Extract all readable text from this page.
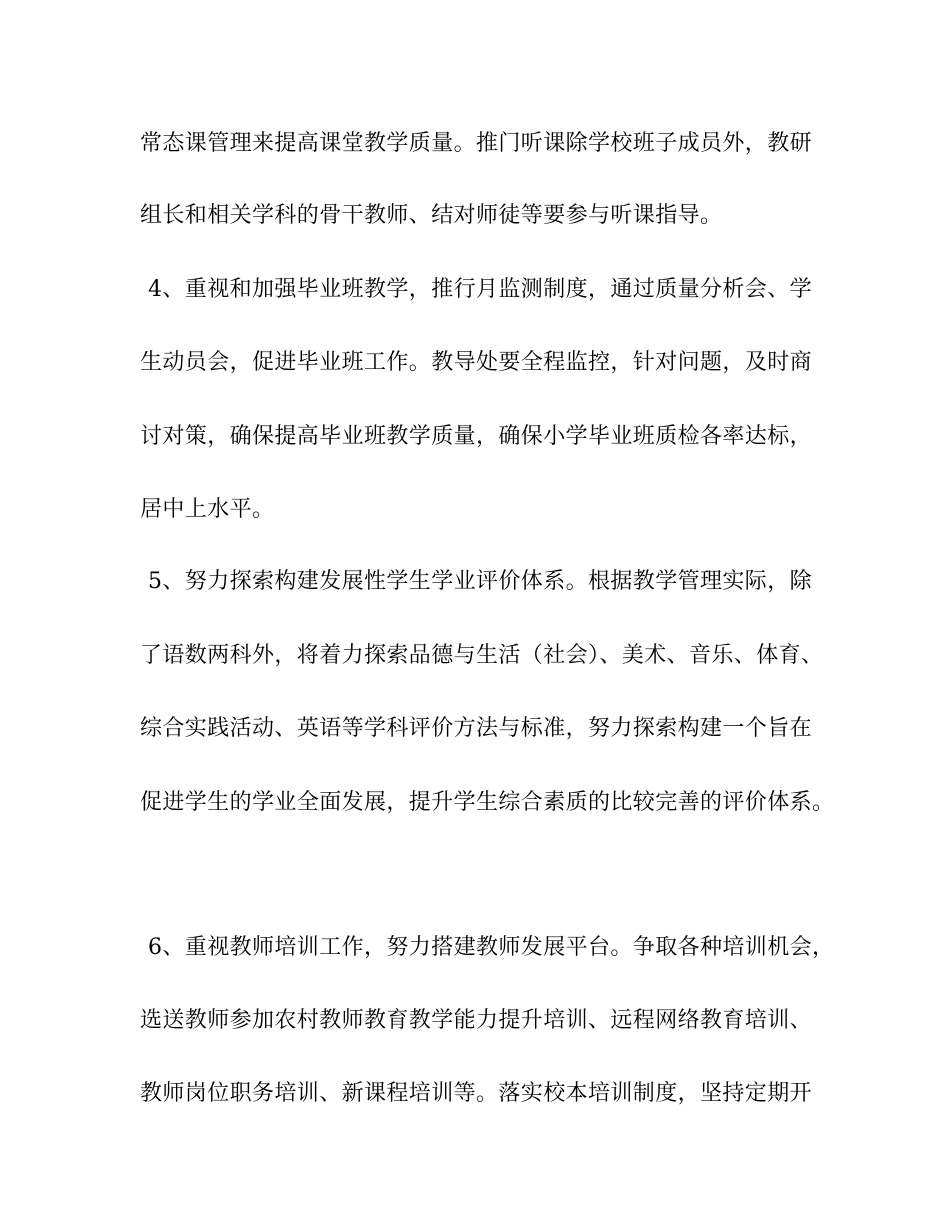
常态课管理来提高课堂教学质量。推门听课除学校班子成员外，教研
组长和相关学科的骨干教师、结对师徒等要参与听课指导。
4、重视和加强毕业班教学，推行月监测制度，通过质量分析会、学
生动员会，促进毕业班工作。教导处要全程监控，针对问题，及时商
讨对策，确保提高毕业班教学质量，确保小学毕业班质检各率达标，
居中上水平。
5、努力探索构建发展性学生学业评价体系。根据教学管理实际，除
了语数两科外，将着力探索品德与生活（社会）、美术、音乐、体育、
综合实践活动、英语等学科评价方法与标准，努力探索构建一个旨在
促进学生的学业全面发展，提升学生综合素质的比较完善的评价体系。
6、重视教师培训工作，努力搭建教师发展平台。争取各种培训机会，
选送教师参加农村教师教育教学能力提升培训、远程网络教育培训、
教师岗位职务培训、新课程培训等。落实校本培训制度，坚持定期开
